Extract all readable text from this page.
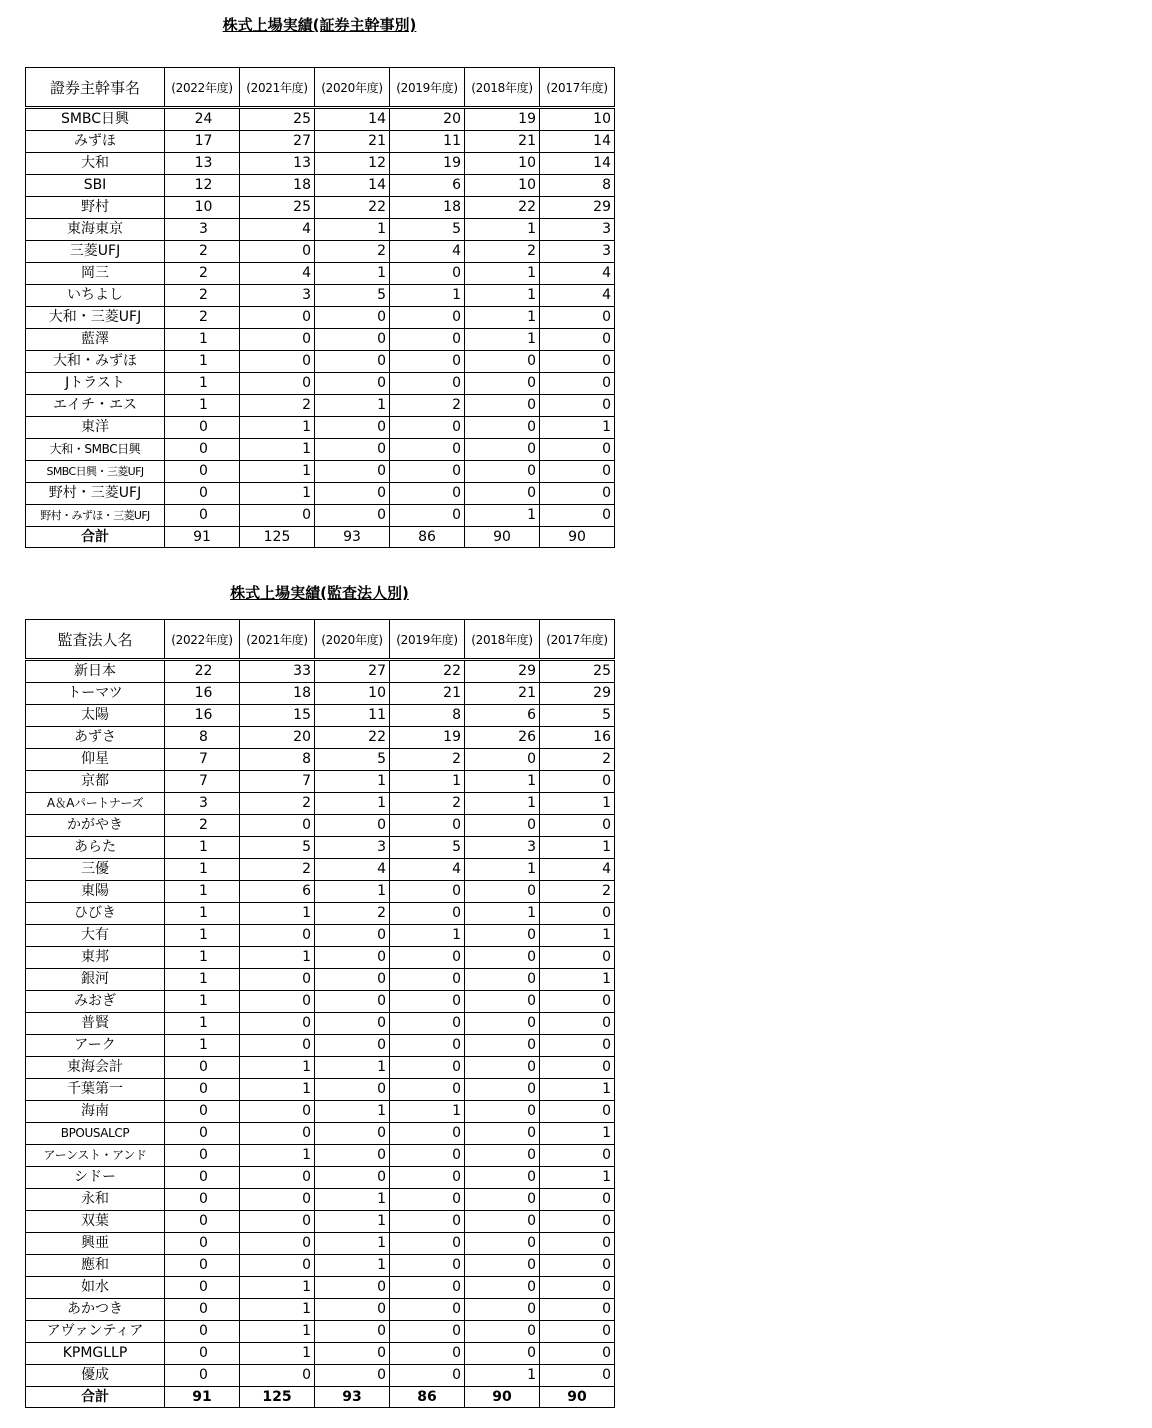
株式上場実績(証券主幹事別)
證券主幹事名	(2022年度)	(2021年度)	(2020年度)	(2019年度)	(2018年度)	(2017年度)
SMBC日興	24	25	14	20	19	10
みずほ	17	27	21	11	21	14
大和	13	13	12	19	10	14
SBI	12	18	14	6	10	8
野村	10	25	22	18	22	29
東海東京	3	4	1	5	1	3
三菱UFJ	2	0	2	4	2	3
岡三	2	4	1	0	1	4
いちよし	2	3	5	1	1	4
大和・三菱UFJ	2	0	0	0	1	0
藍澤	1	0	0	0	1	0
大和・みずほ	1	0	0	0	0	0
Jトラスト	1	0	0	0	0	0
エイチ・エス	1	2	1	2	0	0
東洋	0	1	0	0	0	1
大和・SMBC日興	0	1	0	0	0	0
SMBC日興・三菱UFJ	0	1	0	0	0	0
野村・三菱UFJ	0	1	0	0	0	0
野村・みずほ・三菱UFJ	0	0	0	0	1	0
合計	91	125	93	86	90	90
株式上場実績(監査法人別)
監査法人名	(2022年度)	(2021年度)	(2020年度)	(2019年度)	(2018年度)	(2017年度)
新日本	22	33	27	22	29	25
トーマツ	16	18	10	21	21	29
太陽	16	15	11	8	6	5
あずさ	8	20	22	19	26	16
仰星	7	8	5	2	0	2
京都	7	7	1	1	1	0
A＆Aパートナーズ	3	2	1	2	1	1
かがやき	2	0	0	0	0	0
あらた	1	5	3	5	3	1
三優	1	2	4	4	1	4
東陽	1	6	1	0	0	2
ひびき	1	1	2	0	1	0
大有	1	0	0	1	0	1
東邦	1	1	0	0	0	0
銀河	1	0	0	0	0	1
みおぎ	1	0	0	0	0	0
普賢	1	0	0	0	0	0
アーク	1	0	0	0	0	0
東海会計	0	1	1	0	0	0
千葉第一	0	1	0	0	0	1
海南	0	0	1	1	0	0
BPOUSALCP	0	0	0	0	0	1
アーンスト・アンド	0	1	0	0	0	0
シドー	0	0	0	0	0	1
永和	0	0	1	0	0	0
双葉	0	0	1	0	0	0
興亜	0	0	1	0	0	0
應和	0	0	1	0	0	0
如水	0	1	0	0	0	0
あかつき	0	1	0	0	0	0
アヴァンティア	0	1	0	0	0	0
KPMGLLP	0	1	0	0	0	0
優成	0	0	0	0	1	0
合計	91	125	93	86	90	90
